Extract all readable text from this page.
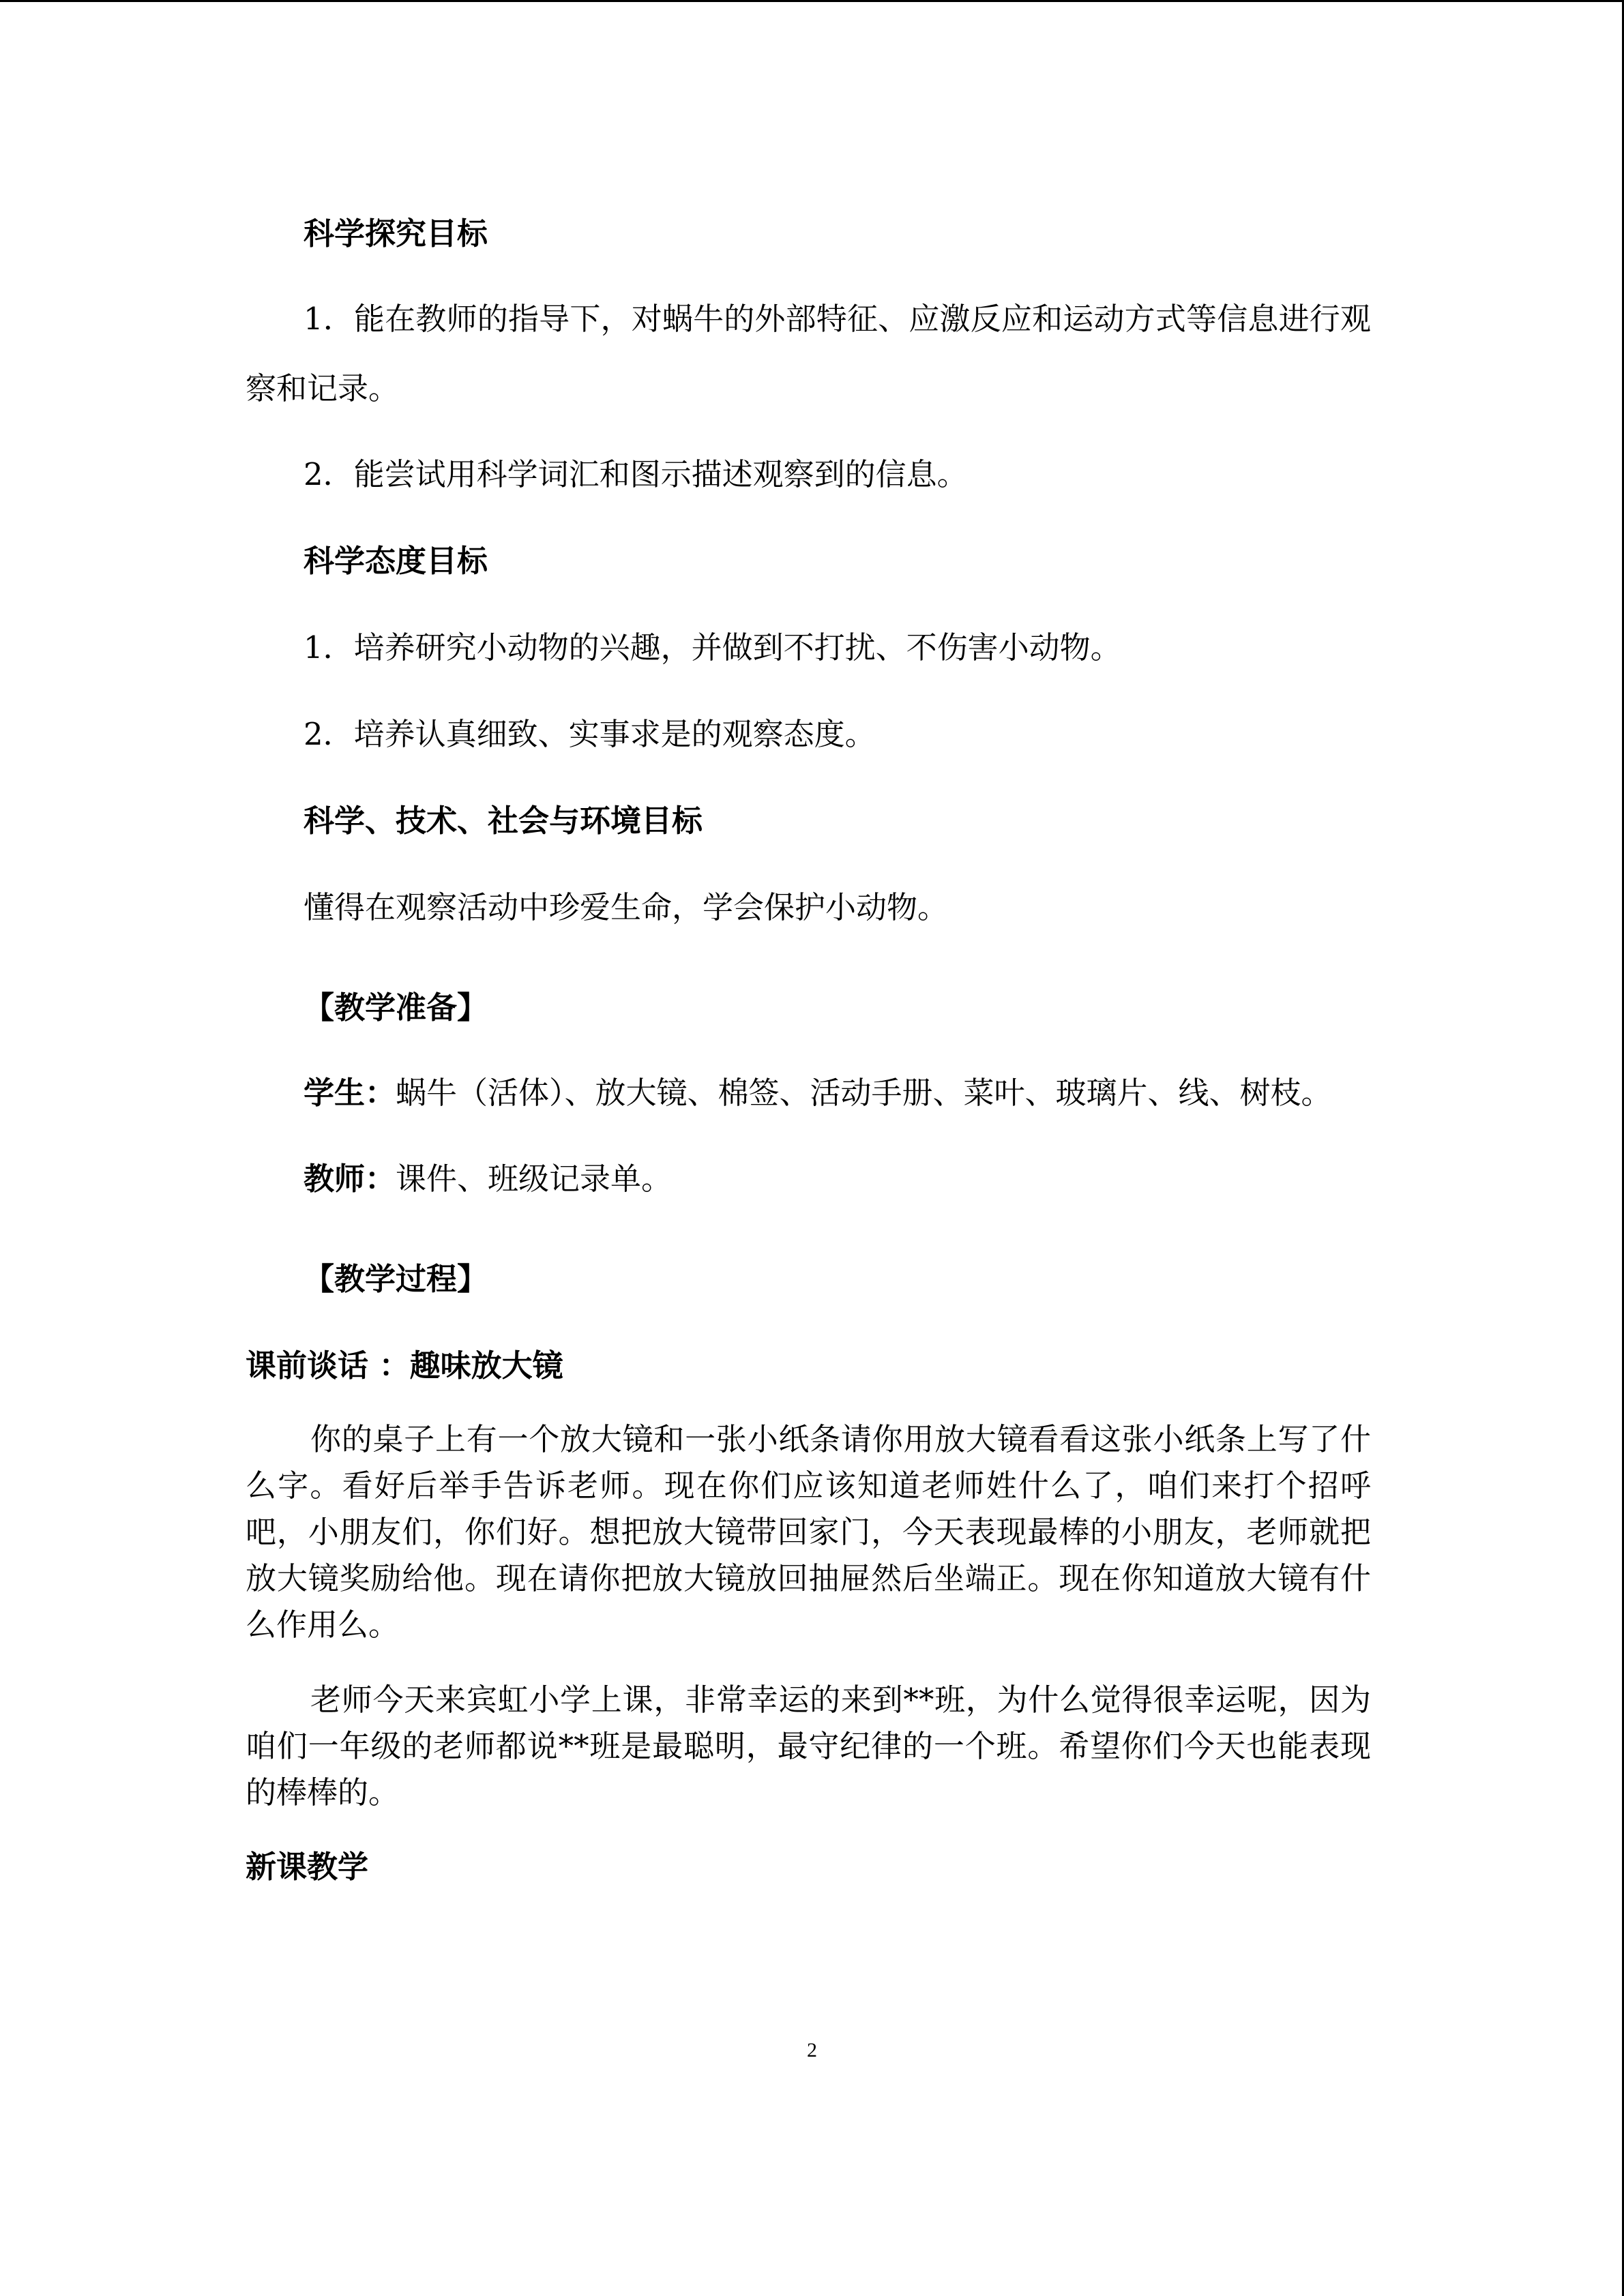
科学探究目标

1．能在教师的指导下，对蜗牛的外部特征、应激反应和运动方式等信息进行观察和记录。

2．能尝试用科学词汇和图示描述观察到的信息。

科学态度目标

1．培养研究小动物的兴趣，并做到不打扰、不伤害小动物。

2．培养认真细致、实事求是的观察态度。

科学、技术、社会与环境目标

懂得在观察活动中珍爱生命，学会保护小动物。

【教学准备】

学生：蜗牛（活体）、放大镜、棉签、活动手册、菜叶、玻璃片、线、树枝。

教师：课件、班级记录单。

【教学过程】

课前谈话 ：趣味放大镜

你的桌子上有一个放大镜和一张小纸条请你用放大镜看看这张小纸条上写了什么字。看好后举手告诉老师。现在你们应该知道老师姓什么了，咱们来打个招呼吧，小朋友们，你们好。想把放大镜带回家门，今天表现最棒的小朋友，老师就把放大镜奖励给他。现在请你把放大镜放回抽屉然后坐端正。现在你知道放大镜有什么作用么。

老师今天来宾虹小学上课，非常幸运的来到**班，为什么觉得很幸运呢，因为咱们一年级的老师都说**班是最聪明，最守纪律的一个班。希望你们今天也能表现的棒棒的。

新课教学

2
